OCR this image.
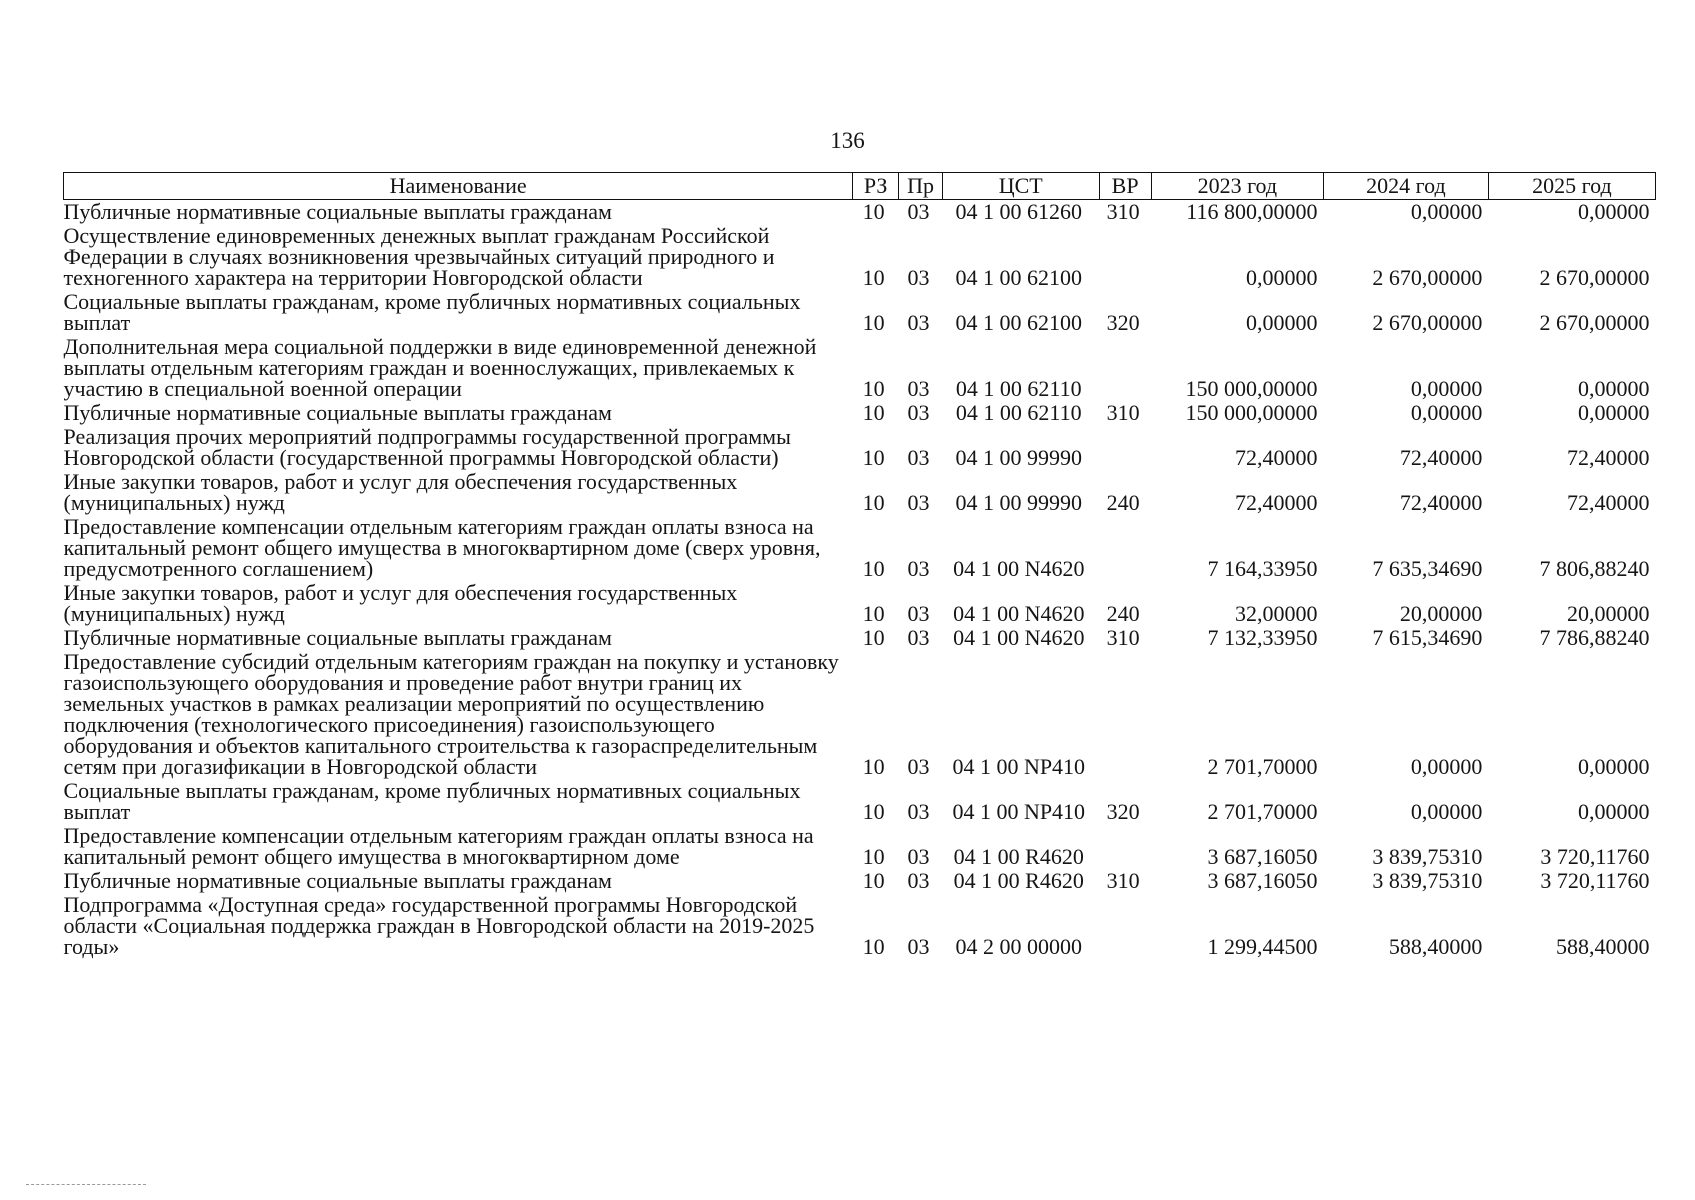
136
Наименование	РЗ	Пр	ЦСТ	ВР	2023 год	2024 год	2025 год
Публичные нормативные социальные выплаты гражданам	10	03	04 1 00 61260	310	116 800,00000	0,00000	0,00000
Осуществление единовременных денежных выплат гражданам Российской Федерации в случаях возникновения чрезвычайных ситуаций природного и техногенного характера на территории Новгородской области	10	03	04 1 00 62100		0,00000	2 670,00000	2 670,00000
Социальные выплаты гражданам, кроме публичных нормативных социальных выплат	10	03	04 1 00 62100	320	0,00000	2 670,00000	2 670,00000
Дополнительная мера социальной поддержки в виде единовременной денежной выплаты отдельным категориям граждан и военнослужащих, привлекаемых к участию в специальной военной операции	10	03	04 1 00 62110		150 000,00000	0,00000	0,00000
Публичные нормативные социальные выплаты гражданам	10	03	04 1 00 62110	310	150 000,00000	0,00000	0,00000
Реализация прочих мероприятий подпрограммы государственной программы Новгородской области (государственной программы Новгородской области)	10	03	04 1 00 99990		72,40000	72,40000	72,40000
Иные закупки товаров, работ и услуг для обеспечения государственных (муниципальных) нужд	10	03	04 1 00 99990	240	72,40000	72,40000	72,40000
Предоставление компенсации отдельным категориям граждан оплаты взноса на капитальный ремонт общего имущества в многоквартирном доме (сверх уровня, предусмотренного соглашением)	10	03	04 1 00 N4620		7 164,33950	7 635,34690	7 806,88240
Иные закупки товаров, работ и услуг для обеспечения государственных (муниципальных) нужд	10	03	04 1 00 N4620	240	32,00000	20,00000	20,00000
Публичные нормативные социальные выплаты гражданам	10	03	04 1 00 N4620	310	7 132,33950	7 615,34690	7 786,88240
Предоставление субсидий отдельным категориям граждан на покупку и установку газоиспользующего оборудования и проведение работ внутри границ их земельных участков в рамках реализации мероприятий по осуществлению подключения (технологического присоединения) газоиспользующего оборудования и объектов капитального строительства к газораспределительным сетям при догазификации в Новгородской области	10	03	04 1 00 NP410		2 701,70000	0,00000	0,00000
Социальные выплаты гражданам, кроме публичных нормативных социальных выплат	10	03	04 1 00 NP410	320	2 701,70000	0,00000	0,00000
Предоставление компенсации отдельным категориям граждан оплаты взноса на капитальный ремонт общего имущества в многоквартирном доме	10	03	04 1 00 R4620		3 687,16050	3 839,75310	3 720,11760
Публичные нормативные социальные выплаты гражданам	10	03	04 1 00 R4620	310	3 687,16050	3 839,75310	3 720,11760
Подпрограмма «Доступная среда» государственной программы Новгородской области «Социальная поддержка граждан в Новгородской области на 2019-2025 годы»	10	03	04 2 00 00000		1 299,44500	588,40000	588,40000
